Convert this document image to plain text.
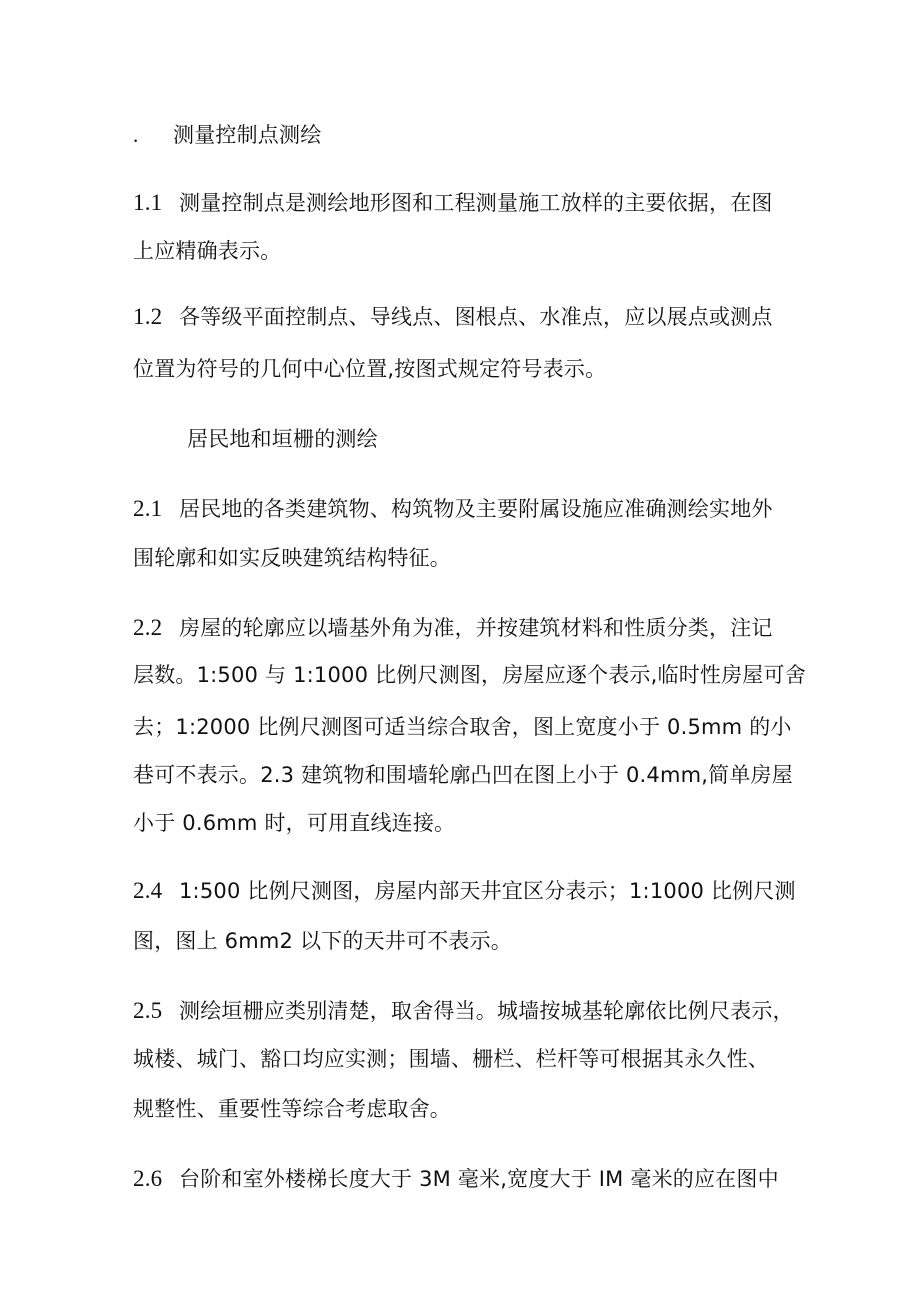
. 测量控制点测绘
1.1 测量控制点是测绘地形图和工程测量施工放样的主要依据，在图
上应精确表示。
1.2 各等级平面控制点、导线点、图根点、水准点，应以展点或测点
位置为符号的几何中心位置,按图式规定符号表示。
居民地和垣栅的测绘
2.1 居民地的各类建筑物、构筑物及主要附属设施应准确测绘实地外
围轮廓和如实反映建筑结构特征。
2.2 房屋的轮廓应以墙基外角为准，并按建筑材料和性质分类，注记
层数。1:500 与 1:1000 比例尺测图，房屋应逐个表示,临时性房屋可舍
去；1:2000 比例尺测图可适当综合取舍，图上宽度小于 0.5mm 的小
巷可不表示。2.3 建筑物和围墙轮廓凸凹在图上小于 0.4mm,简单房屋
小于 0.6mm 时，可用直线连接。
2.4 1:500 比例尺测图，房屋内部天井宜区分表示；1:1000 比例尺测
图，图上 6mm2 以下的天井可不表示。
2.5 测绘垣栅应类别清楚，取舍得当。城墙按城基轮廓依比例尺表示，
城楼、城门、豁口均应实测；围墙、栅栏、栏杆等可根据其永久性、
规整性、重要性等综合考虑取舍。
2.6 台阶和室外楼梯长度大于 3M 毫米,宽度大于 IM 毫米的应在图中
